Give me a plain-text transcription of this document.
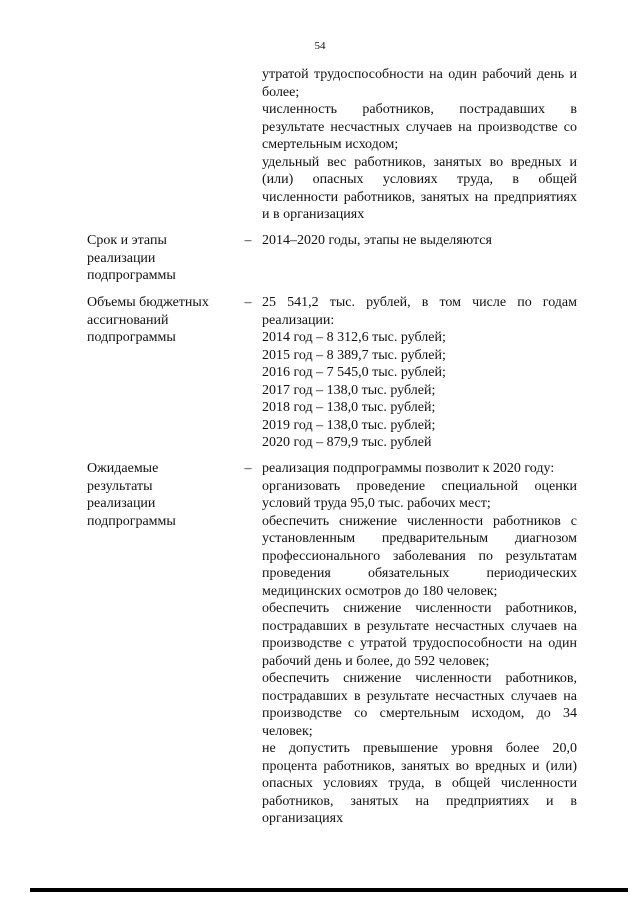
54

утратой трудоспособности на один рабочий день и более;

численность работников, пострадавших в результате несчастных случаев на производстве со смертельным исходом;

удельный вес работников, занятых во вредных и (или) опасных условиях труда, в общей численности работников, занятых на предприятиях и в организациях

Срок и этапы
реализации
подпрограммы
– 2014–2020 годы, этапы не выделяются

Объемы бюджетных
ассигнований
подпрограммы
– 25 541,2 тыс. рублей, в том числе по годам реализации:

2014 год – 8 312,6 тыс. рублей;
2015 год – 8 389,7 тыс. рублей;
2016 год – 7 545,0 тыс. рублей;
2017 год – 138,0 тыс. рублей;
2018 год – 138,0 тыс. рублей;
2019 год – 138,0 тыс. рублей;
2020 год – 879,9 тыс. рублей
Ожидаемые
результаты
реализации
подпрограммы
– реализация подпрограммы позволит к 2020 году:

организовать проведение специальной оценки условий труда 95,0 тыс. рабочих мест;

обеспечить снижение численности работников с установленным предварительным диагнозом профессионального заболевания по результатам проведения обязательных периодических медицинских осмотров до 180 человек;

обеспечить снижение численности работников, пострадавших в результате несчастных случаев на производстве с утратой трудоспособности на один рабочий день и более, до 592 человек;

обеспечить снижение численности работников, пострадавших в результате несчастных случаев на производстве со смертельным исходом, до 34 человек;

не допустить превышение уровня более 20,0 процента работников, занятых во вредных и (или) опасных условиях труда, в общей численности работников, занятых на предприятиях и в организациях
